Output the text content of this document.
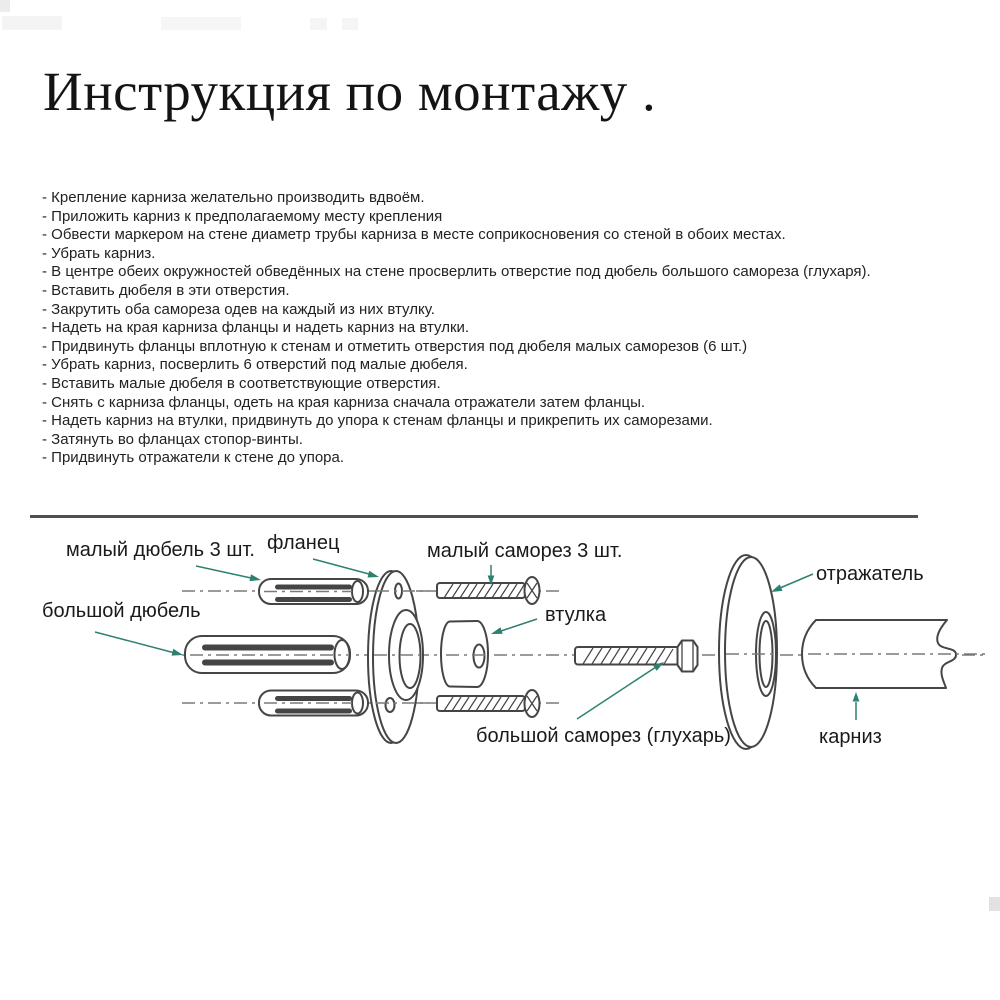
Инструкция по монтажу .
- Крепление карниза желательно производить вдвоём.
- Приложить карниз к предполагаемому месту крепления
- Обвести маркером на стене диаметр трубы карниза в месте соприкосновения со стеной в обоих местах.
- Убрать карниз.
- В центре обеих окружностей обведённых на стене просверлить отверстие под дюбель большого самореза (глухаря).
- Вставить дюбеля в эти отверстия.
- Закрутить оба самореза одев на каждый из них втулку.
- Надеть на края карниза фланцы и надеть карниз на втулки.
- Придвинуть фланцы вплотную к стенам и отметить отверстия под дюбеля малых саморезов (6 шт.)
- Убрать карниз, посверлить 6 отверстий под малые дюбеля.
- Вставить малые дюбеля в соответствующие отверстия.
- Снять с карниза фланцы, одеть на края карниза сначала отражатели затем фланцы.
- Надеть карниз на втулки, придвинуть до упора к стенам фланцы и прикрепить их саморезами.
- Затянуть во фланцах стопор-винты.
- Придвинуть отражатели к стене до упора.
малый дюбель 3 шт. фланец	малый саморез 3 шт.
отражатель
большой дюбель	втулка
большой саморез (глухарь)	карниз
